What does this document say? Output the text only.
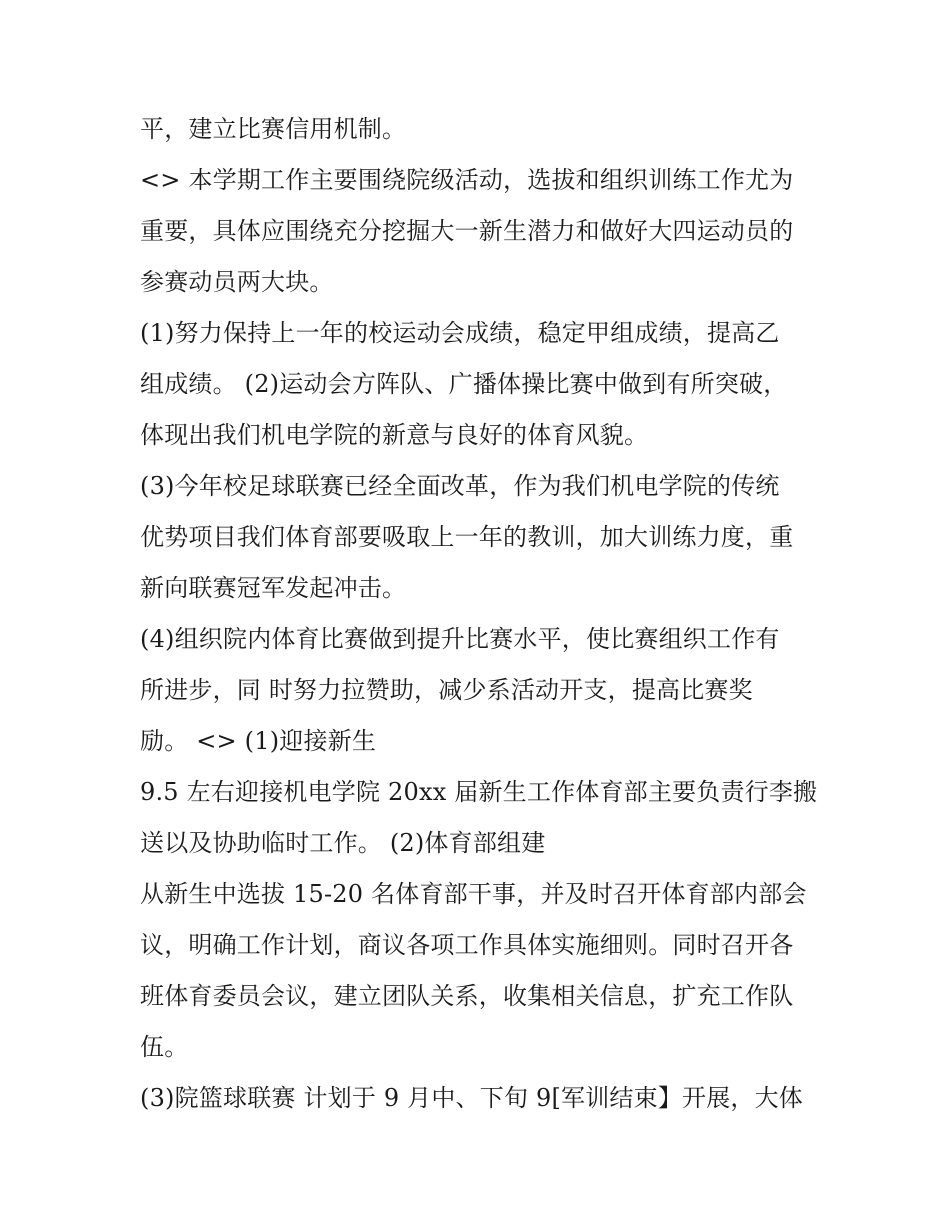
平，建立比赛信用机制。
<> 本学期工作主要围绕院级活动，选拔和组织训练工作尤为
重要，具体应围绕充分挖掘大一新生潜力和做好大四运动员的
参赛动员两大块。
(1)努力保持上一年的校运动会成绩，稳定甲组成绩，提高乙
组成绩。 (2)运动会方阵队、广播体操比赛中做到有所突破，
体现出我们机电学院的新意与良好的体育风貌。
(3)今年校足球联赛已经全面改革，作为我们机电学院的传统
优势项目我们体育部要吸取上一年的教训，加大训练力度，重
新向联赛冠军发起冲击。
(4)组织院内体育比赛做到提升比赛水平，使比赛组织工作有
所进步，同 时努力拉赞助，减少系活动开支，提高比赛奖
励。 <> (1)迎接新生
9.5 左右迎接机电学院 20xx 届新生工作体育部主要负责行李搬
送以及协助临时工作。 (2)体育部组建
从新生中选拔 15-20 名体育部干事，并及时召开体育部内部会
议，明确工作计划，商议各项工作具体实施细则。同时召开各
班体育委员会议，建立团队关系，收集相关信息，扩充工作队
伍。
(3)院篮球联赛 计划于 9 月中、下旬 9[军训结束】开展，大体
